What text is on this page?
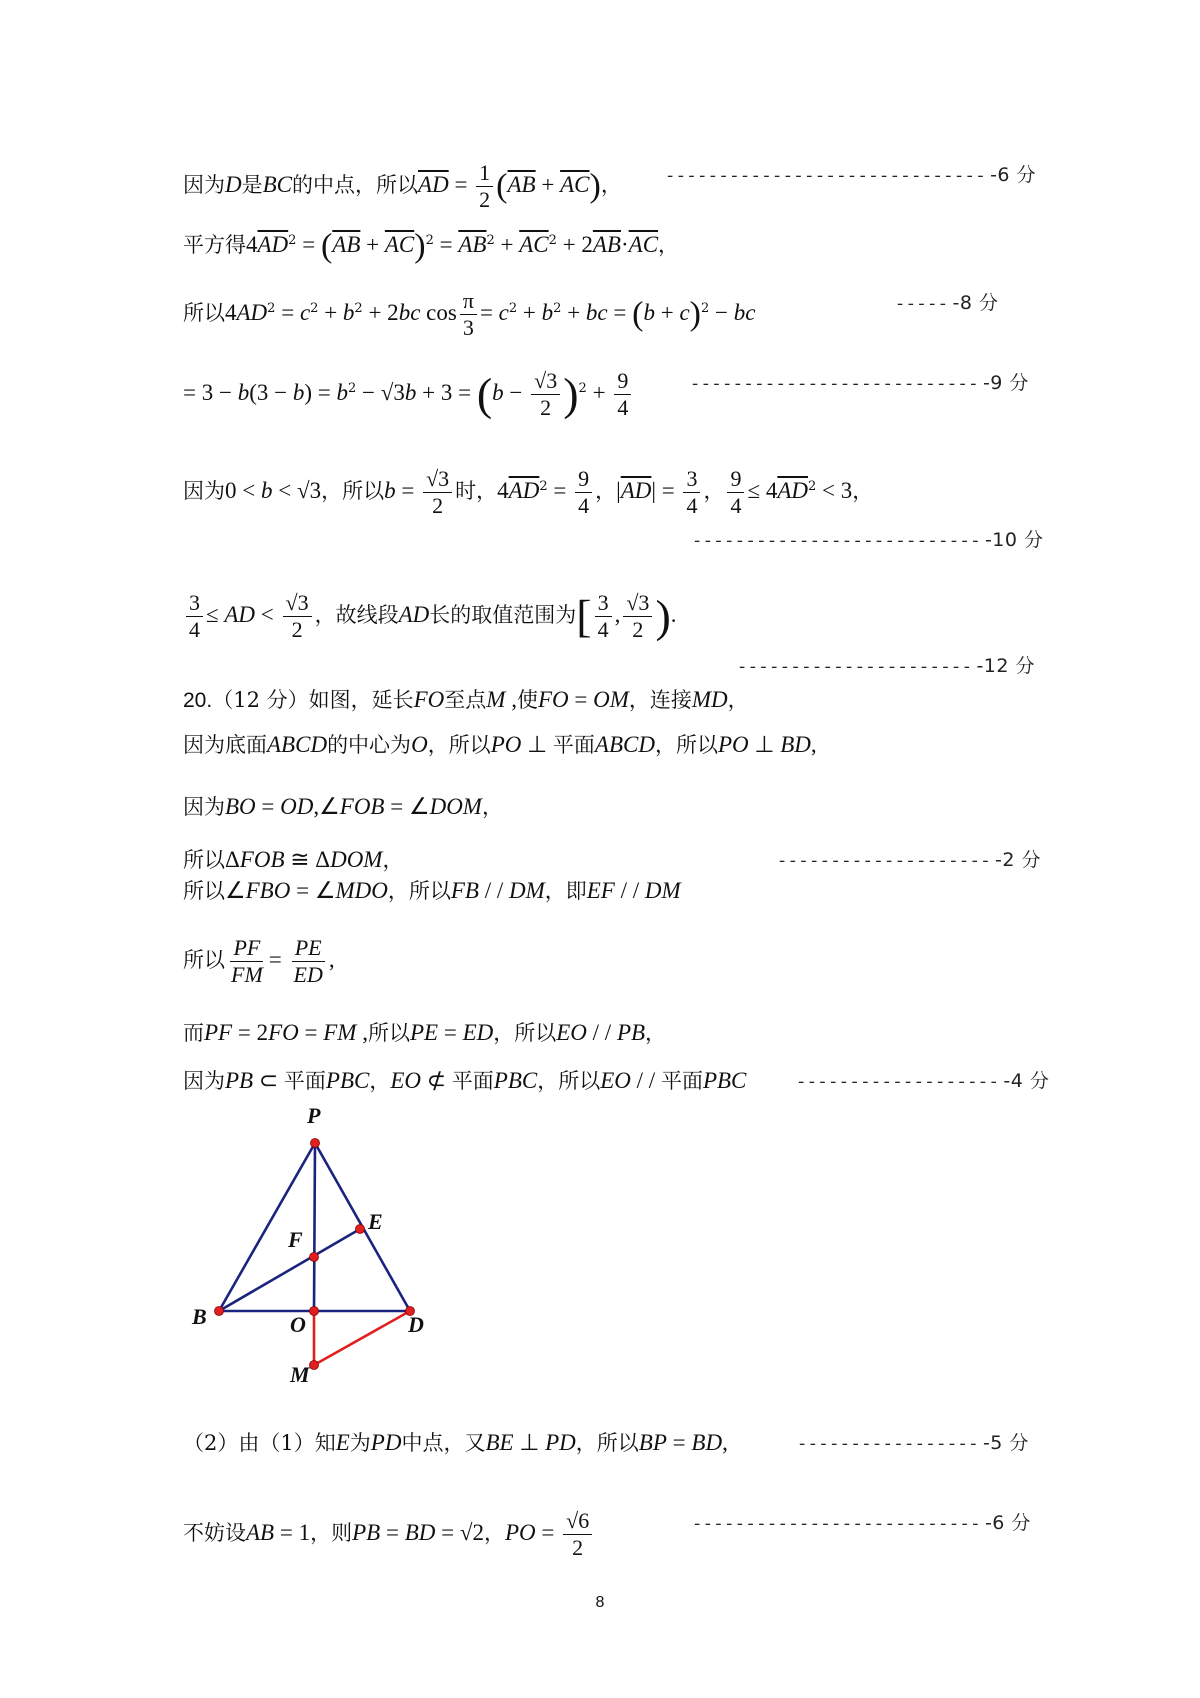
因为D是BC的中点，所以$\overline{AD} = \frac{1}{2} (\overline{AB} + \overline{AC})$，	------------------------------ -6 分
平方得$4\overline{AD}^2 = (\overline{AB} + \overline{AC})^2 = \overline{AB}^2 + \overline{AC}^2 + 2\overline{AB}\cdot\overline{AC}$，
所以$4AD^2 = c^2 + b^2 + 2bc$ $\cos \frac{\pi}{3} = c^2 + b^2$ + bc = $(b + c)^2$ − bc	----- -8 分
= $3 - b(3 - b) = b^2 - √3b + 3 = (b - \frac{√3}{2} )^2 + \frac{9}{4}$	--------------------------- -9 分
因为0 < b < √3，所以$b = \frac{√3}{2}$ 时，$4\overline{AD}^2 = \frac{9}{4}$ ，$|\overline{AD}| = \frac{3}{4}$ ， $\frac{9}{4} \le 4\overline{AD}^2 < 3$，
--------------------------- -10 分
$\frac{3}{4}$ ≤ AD < $\frac{√3}{2}$ ，故线段AD长的取值范围为[ $\frac{3}{4}$ , $\frac{√3}{2}$ ).
---------------------- -12 分
20.（12 分）如图，延长FO至点M ,使FO = OM，连接MD，
因为底面ABCD的中心为O，所以PO ⊥ 平面ABCD，所以PO ⊥ BD,
因为BO = OD,∠FOB = ∠DOM，
所以ΔFOB ≅ ΔDOM，	-------------------- -2 分
所以∠FBO = ∠MDO，所以FB / / DM，即EF / / DM
所以 $\frac{PF}{FM} = \frac{PE}{ED}$ ,
而PF = 2FO = FM ,所以PE = ED，所以EO / / PB，
因为PB ⊂ 平面PBC，EO ⊄ 平面PBC，所以EO / / 平面PBC	------------------- -4 分
P
E
F
B	O	D
M
（2）由（1）知E为PD中点，又BE ⊥ PD，所以BP = BD,	----------------- -5 分
不妨设AB = 1，则PB = BD = √2，PO = $\frac{√6}{2}$	--------------------------- -6 分
8
